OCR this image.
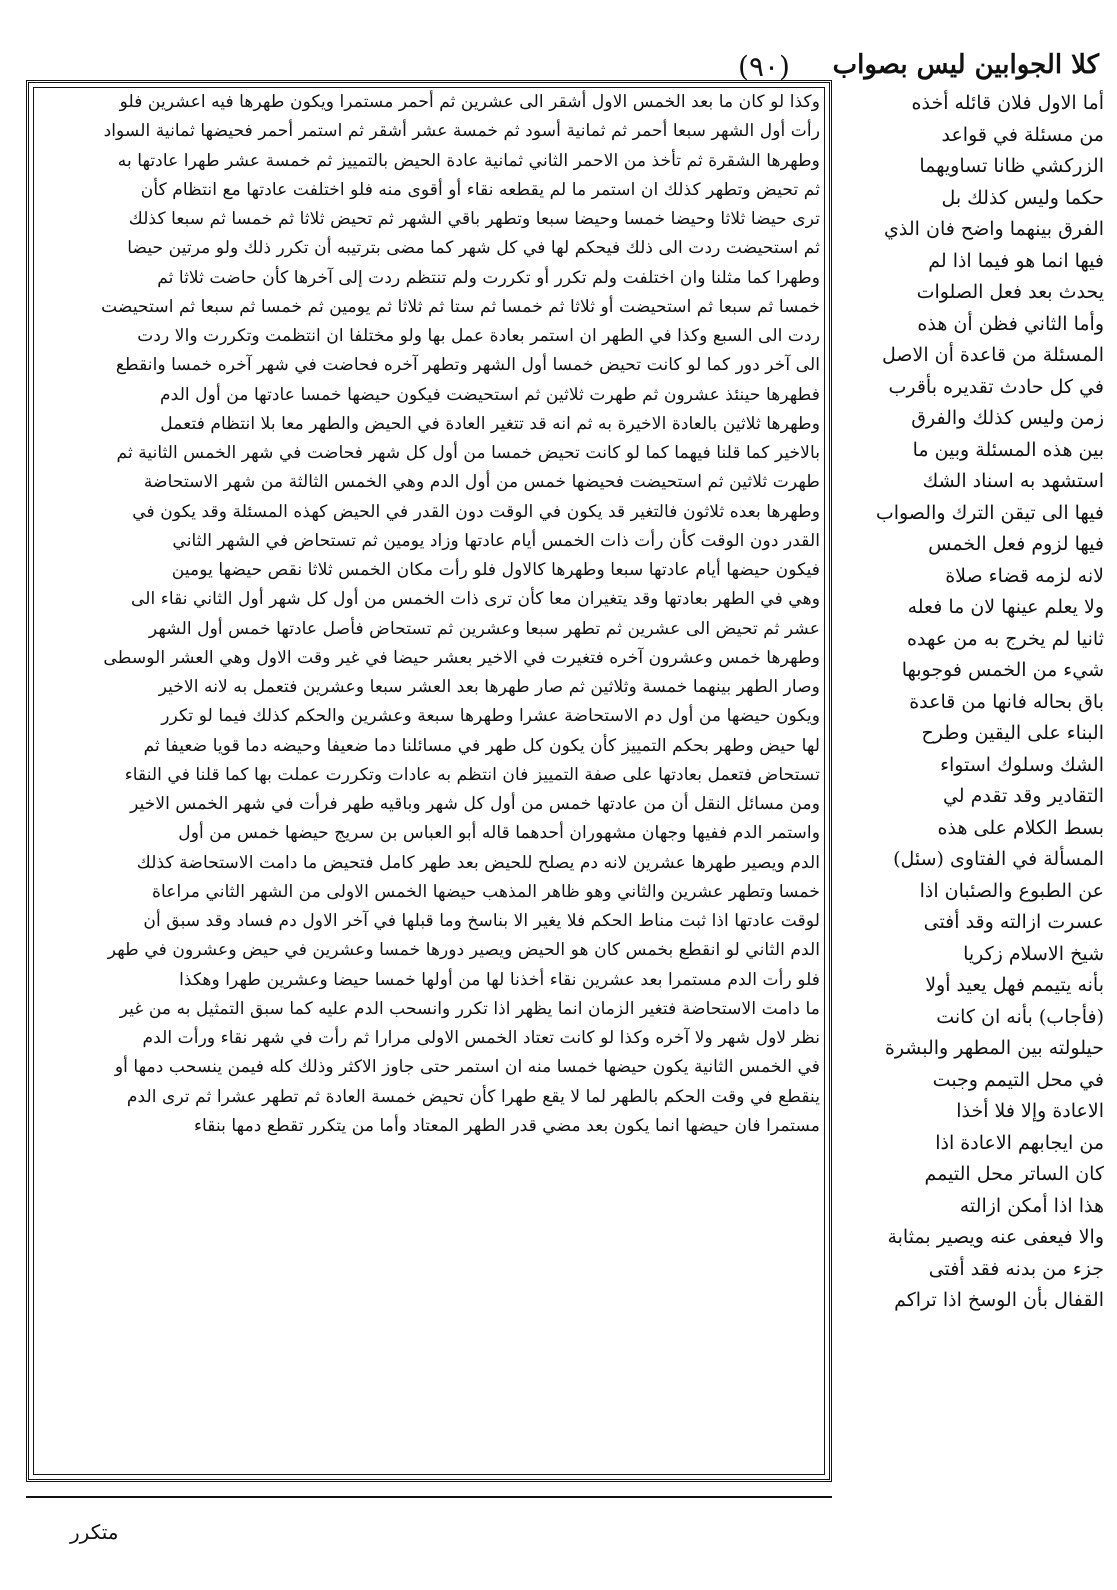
(٩٠) كلا الجوابين ليس بصواب
وكذا لو كان ما بعد الخمس الاول أشقر الى عشرين ثم أحمر مستمرا ويكون طهرها فيه اعشرين فلو
رأت أول الشهر سبعا أحمر ثم ثمانية أسود ثم خمسة عشر أشقر ثم استمر أحمر فحيضها ثمانية السواد
وطهرها الشقرة ثم تأخذ من الاحمر الثاني ثمانية عادة الحيض بالتمييز ثم خمسة عشر طهرا عادتها به
ثم تحيض وتطهر كذلك ان استمر ما لم يقطعه نقاء أو أقوى منه فلو اختلفت عادتها مع انتظام كأن
ترى حيضا ثلاثا وحيضا خمسا وحيضا سبعا وتطهر باقي الشهر ثم تحيض ثلاثا ثم خمسا ثم سبعا كذلك
ثم استحيضت ردت الى ذلك فيحكم لها في كل شهر كما مضى بترتيبه أن تكرر ذلك ولو مرتين حيضا
وطهرا كما مثلنا وان اختلفت ولم تكرر أو تكررت ولم تنتظم ردت إلى آخرها كأن حاضت ثلاثا ثم
خمسا ثم سبعا ثم استحيضت أو ثلاثا ثم خمسا ثم ستا ثم ثلاثا ثم يومين ثم خمسا ثم سبعا ثم استحيضت
ردت الى السبع وكذا في الطهر ان استمر بعادة عمل بها ولو مختلفا ان انتظمت وتكررت والا ردت
الى آخر دور كما لو كانت تحيض خمسا أول الشهر وتطهر آخره فحاضت في شهر آخره خمسا وانقطع
فطهرها حينئذ عشرون ثم طهرت ثلاثين ثم استحيضت فيكون حيضها خمسا عادتها من أول الدم
وطهرها ثلاثين بالعادة الاخيرة به ثم انه قد تتغير العادة في الحيض والطهر معا بلا انتظام فتعمل
بالاخير كما قلنا فيهما كما لو كانت تحيض خمسا من أول كل شهر فحاضت في شهر الخمس الثانية ثم
طهرت ثلاثين ثم استحيضت فحيضها خمس من أول الدم وهي الخمس الثالثة من شهر الاستحاضة
وطهرها بعده ثلاثون فالتغير قد يكون في الوقت دون القدر في الحيض كهذه المسئلة وقد يكون في
القدر دون الوقت كأن رأت ذات الخمس أيام عادتها وزاد يومين ثم تستحاض في الشهر الثاني
فيكون حيضها أيام عادتها سبعا وطهرها كالاول فلو رأت مكان الخمس ثلاثا نقص حيضها يومين
وهي في الطهر بعادتها وقد يتغيران معا كأن ترى ذات الخمس من أول كل شهر أول الثاني نقاء الى
عشر ثم تحيض الى عشرين ثم تطهر سبعا وعشرين ثم تستحاض فأصل عادتها خمس أول الشهر
وطهرها خمس وعشرون آخره فتغيرت في الاخير بعشر حيضا في غير وقت الاول وهي العشر الوسطى
وصار الطهر بينهما خمسة وثلاثين ثم صار طهرها بعد العشر سبعا وعشرين فتعمل به لانه الاخير
ويكون حيضها من أول دم الاستحاضة عشرا وطهرها سبعة وعشرين والحكم كذلك فيما لو تكرر
لها حيض وطهر بحكم التمييز كأن يكون كل طهر في مسائلنا دما ضعيفا وحيضه دما قويا ضعيفا ثم
تستحاض فتعمل بعادتها على صفة التمييز فان انتظم به عادات وتكررت عملت بها كما قلنا في النقاء
ومن مسائل النقل أن من عادتها خمس من أول كل شهر وباقيه طهر فرأت في شهر الخمس الاخير
واستمر الدم ففيها وجهان مشهوران أحدهما قاله أبو العباس بن سريج حيضها خمس من أول
الدم ويصير طهرها عشرين لانه دم يصلح للحيض بعد طهر كامل فتحيض ما دامت الاستحاضة كذلك
خمسا وتطهر عشرين والثاني وهو ظاهر المذهب حيضها الخمس الاولى من الشهر الثاني مراعاة
لوقت عادتها اذا ثبت مناط الحكم فلا يغير الا بناسخ وما قبلها في آخر الاول دم فساد وقد سبق أن
الدم الثاني لو انقطع بخمس كان هو الحيض ويصير دورها خمسا وعشرين في حيض وعشرون في طهر
فلو رأت الدم مستمرا بعد عشرين نقاء أخذنا لها من أولها خمسا حيضا وعشرين طهرا وهكذا
ما دامت الاستحاضة فتغير الزمان انما يظهر اذا تكرر وانسحب الدم عليه كما سبق التمثيل به من غير
نظر لاول شهر ولا آخره وكذا لو كانت تعتاد الخمس الاولى مرارا ثم رأت في شهر نقاء ورأت الدم
في الخمس الثانية يكون حيضها خمسا منه ان استمر حتى جاوز الاكثر وذلك كله فيمن ينسحب دمها أو
ينقطع في وقت الحكم بالطهر لما لا يقع طهرا كأن تحيض خمسة العادة ثم تطهر عشرا ثم ترى الدم
مستمرا فان حيضها انما يكون بعد مضي قدر الطهر المعتاد وأما من يتكرر تقطع دمها بنقاء
أما الاول فلان قائله أخذه
من مسئلة في قواعد
الزركشي ظانا تساويهما
حكما وليس كذلك بل
الفرق بينهما واضح فان الذي
فيها انما هو فيما اذا لم
يحدث بعد فعل الصلوات
وأما الثاني فظن أن هذه
المسئلة من قاعدة أن الاصل
في كل حادث تقديره بأقرب
زمن وليس كذلك والفرق
بين هذه المسئلة وبين ما
استشهد به اسناد الشك
فيها الى تيقن الترك والصواب
فيها لزوم فعل الخمس
لانه لزمه قضاء صلاة
ولا يعلم عينها لان ما فعله
ثانيا لم يخرج به من عهده
شيء من الخمس فوجوبها
باق بحاله فانها من قاعدة
البناء على اليقين وطرح
الشك وسلوك استواء
التقادير وقد تقدم لي
بسط الكلام على هذه
المسألة في الفتاوى (سئل)
عن الطبوع والصئبان اذا
عسرت ازالته وقد أفتى
شيخ الاسلام زكريا
بأنه يتيمم فهل يعيد أولا
(فأجاب) بأنه ان كانت
حيلولته بين المطهر والبشرة
في محل التيمم وجبت
الاعادة وإلا فلا أخذا
من ايجابهم الاعادة اذا
كان الساتر محل التيمم
هذا اذا أمكن ازالته
والا فيعفى عنه ويصير بمثابة
جزء من بدنه فقد أفتى
القفال بأن الوسخ اذا تراكم
متكرر
